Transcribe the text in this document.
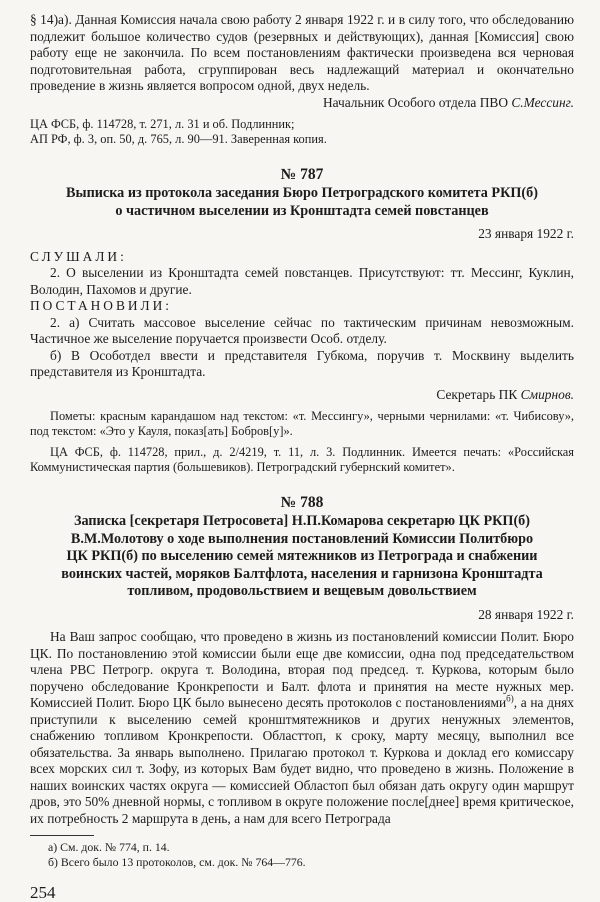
§ 14)а). Данная Комиссия начала свою работу 2 января 1922 г. и в силу того, что обследованию подлежит большое количество судов (резервных и действующих), данная [Комиссия] свою работу еще не закончила. По всем постановлениям фактически произведена вся черновая подготовительная работа, сгруппирован весь надлежащий материал и окончательно проведение в жизнь является вопросом одной, двух недель.

Начальник Особого отдела ПВО С.Мессинг.

ЦА ФСБ, ф. 114728, т. 271, л. 31 и об. Подлинник;

АП РФ, ф. 3, оп. 50, д. 765, л. 90—91. Заверенная копия.

№ 787

Выписка из протокола заседания Бюро Петроградского комитета РКП(б)

о частичном выселении из Кронштадта семей повстанцев

23 января 1922 г.

СЛУШАЛИ:

2. О выселении из Кронштадта семей повстанцев. Присутствуют: тт. Мессинг, Куклин, Володин, Пахомов и другие.

ПОСТАНОВИЛИ:

2. а) Считать массовое выселение сейчас по тактическим причинам невозможным. Частичное же выселение поручается произвести Особ. отделу.

б) В Особотдел ввести и представителя Губкома, поручив т. Москвину выделить представителя из Кронштадта.

Секретарь ПК Смирнов.

Пометы: красным карандашом над текстом: «т. Мессингу», черными чернилами: «т. Чибисову», под текстом: «Это у Кауля, показ[ать] Бобров[у]».

ЦА ФСБ, ф. 114728, прил., д. 2/4219, т. 11, л. 3. Подлинник. Имеется печать: «Российская Коммунистическая партия (большевиков). Петроградский губернский комитет».

№ 788

Записка [секретаря Петросовета] Н.П.Комарова секретарю ЦК РКП(б)

В.М.Молотову о ходе выполнения постановлений Комиссии Политбюро

ЦК РКП(б) по выселению семей мятежников из Петрограда и снабжении

воинских частей, моряков Балтфлота, населения и гарнизона Кронштадта

топливом, продовольствием и вещевым довольствием

28 января 1922 г.

На Ваш запрос сообщаю, что проведено в жизнь из постановлений комиссии Полит. Бюро ЦК. По постановлению этой комиссии были еще две комиссии, одна под председательством члена РВС Петрогр. округа т. Володина, вторая под председ. т. Куркова, которым было поручено обследование Кронкрепости и Балт. флота и принятия на месте нужных мер. Комиссией Полит. Бюро ЦК было вынесено десять протоколов с постановлениями$^{б)}$, а на днях приступили к выселению семей кронштмятежников и других ненужных элементов, снабжению топливом Кронкрепости. Областтоп, к сроку, марту месяцу, выполнил все обязательства. За январь выполнено. Прилагаю протокол т. Куркова и доклад его комиссару всех морских сил т. Зофу, из которых Вам будет видно, что проведено в жизнь. Положение в наших воинских частях округа — комиссией Областоп был обязан дать округу один маршрут дров, это 50% дневной нормы, с топливом в округе положение после[днее] время критическое, их потребность 2 маршрута в день, а нам для всего Петрограда

а) См. док. № 774, п. 14.

б) Всего было 13 протоколов, см. док. № 764—776.

254
